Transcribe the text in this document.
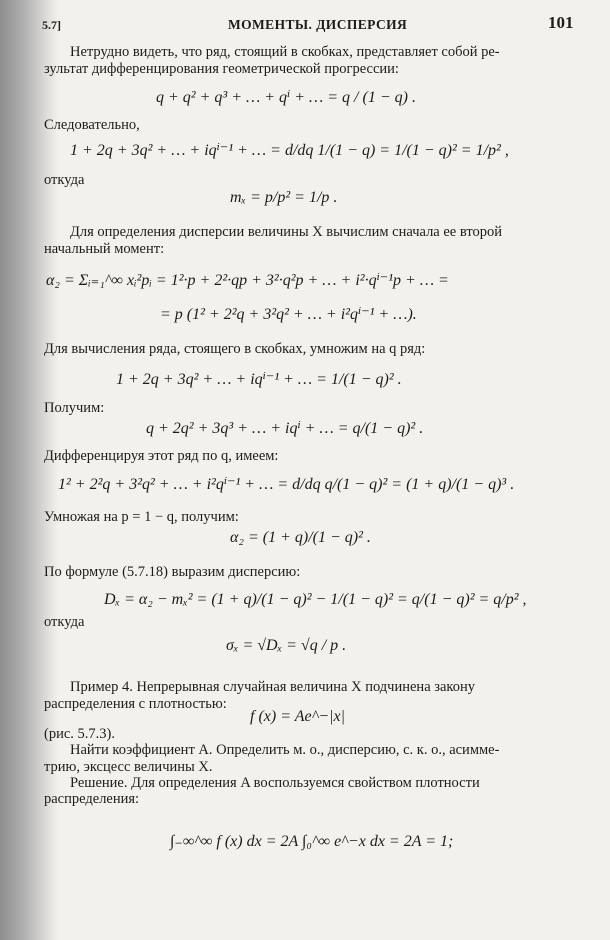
5.7]	МОМЕНТЫ. ДИСПЕРСИЯ	101
Нетрудно видеть, что ряд, стоящий в скобках, представляет собой ре-
зультат дифференцирования геометрической прогрессии:
q + q² + q³ + … + qⁱ + … = q / (1 − q) .
Следовательно,
1 + 2q + 3q² + … + iqⁱ⁻¹ + … = d/dq 1/(1 − q) = 1/(1 − q)² = 1/p² ,
откуда
mₓ = p/p² = 1/p .
Для определения дисперсии величины X вычислим сначала ее второй
начальный момент:
α₂ = Σᵢ₌₁^∞ xᵢ²pᵢ = 1²·p + 2²·qp + 3²·q²p + … + i²·qⁱ⁻¹p + … =
= p (1² + 2²q + 3²q² + … + i²qⁱ⁻¹ + …).
Для вычисления ряда, стоящего в скобках, умножим на q ряд:
1 + 2q + 3q² + … + iqⁱ⁻¹ + … = 1/(1 − q)² .
Получим:
q + 2q² + 3q³ + … + iqⁱ + … = q/(1 − q)² .
Дифференцируя этот ряд по q, имеем:
1² + 2²q + 3²q² + … + i²qⁱ⁻¹ + … = d/dq q/(1 − q)² = (1 + q)/(1 − q)³ .
Умножая на p = 1 − q, получим:
α₂ = (1 + q)/(1 − q)² .
По формуле (5.7.18) выразим дисперсию:
Dₓ = α₂ − mₓ² = (1 + q)/(1 − q)² − 1/(1 − q)² = q/(1 − q)² = q/p² ,
откуда
σₓ = √Dₓ = √q / p .
Пример 4. Непрерывная случайная величина X подчинена закону
распределения с плотностью:
f (x) = Ae^−|x|
(рис. 5.7.3).
Найти коэффициент A. Определить м. о., дисперсию, с. к. о., асимме-
трию, эксцесс величины X.
Решение. Для определения A воспользуемся свойством плотности
распределения:
∫₋∞^∞ f (x) dx = 2A ∫₀^∞ e^−x dx = 2A = 1;
